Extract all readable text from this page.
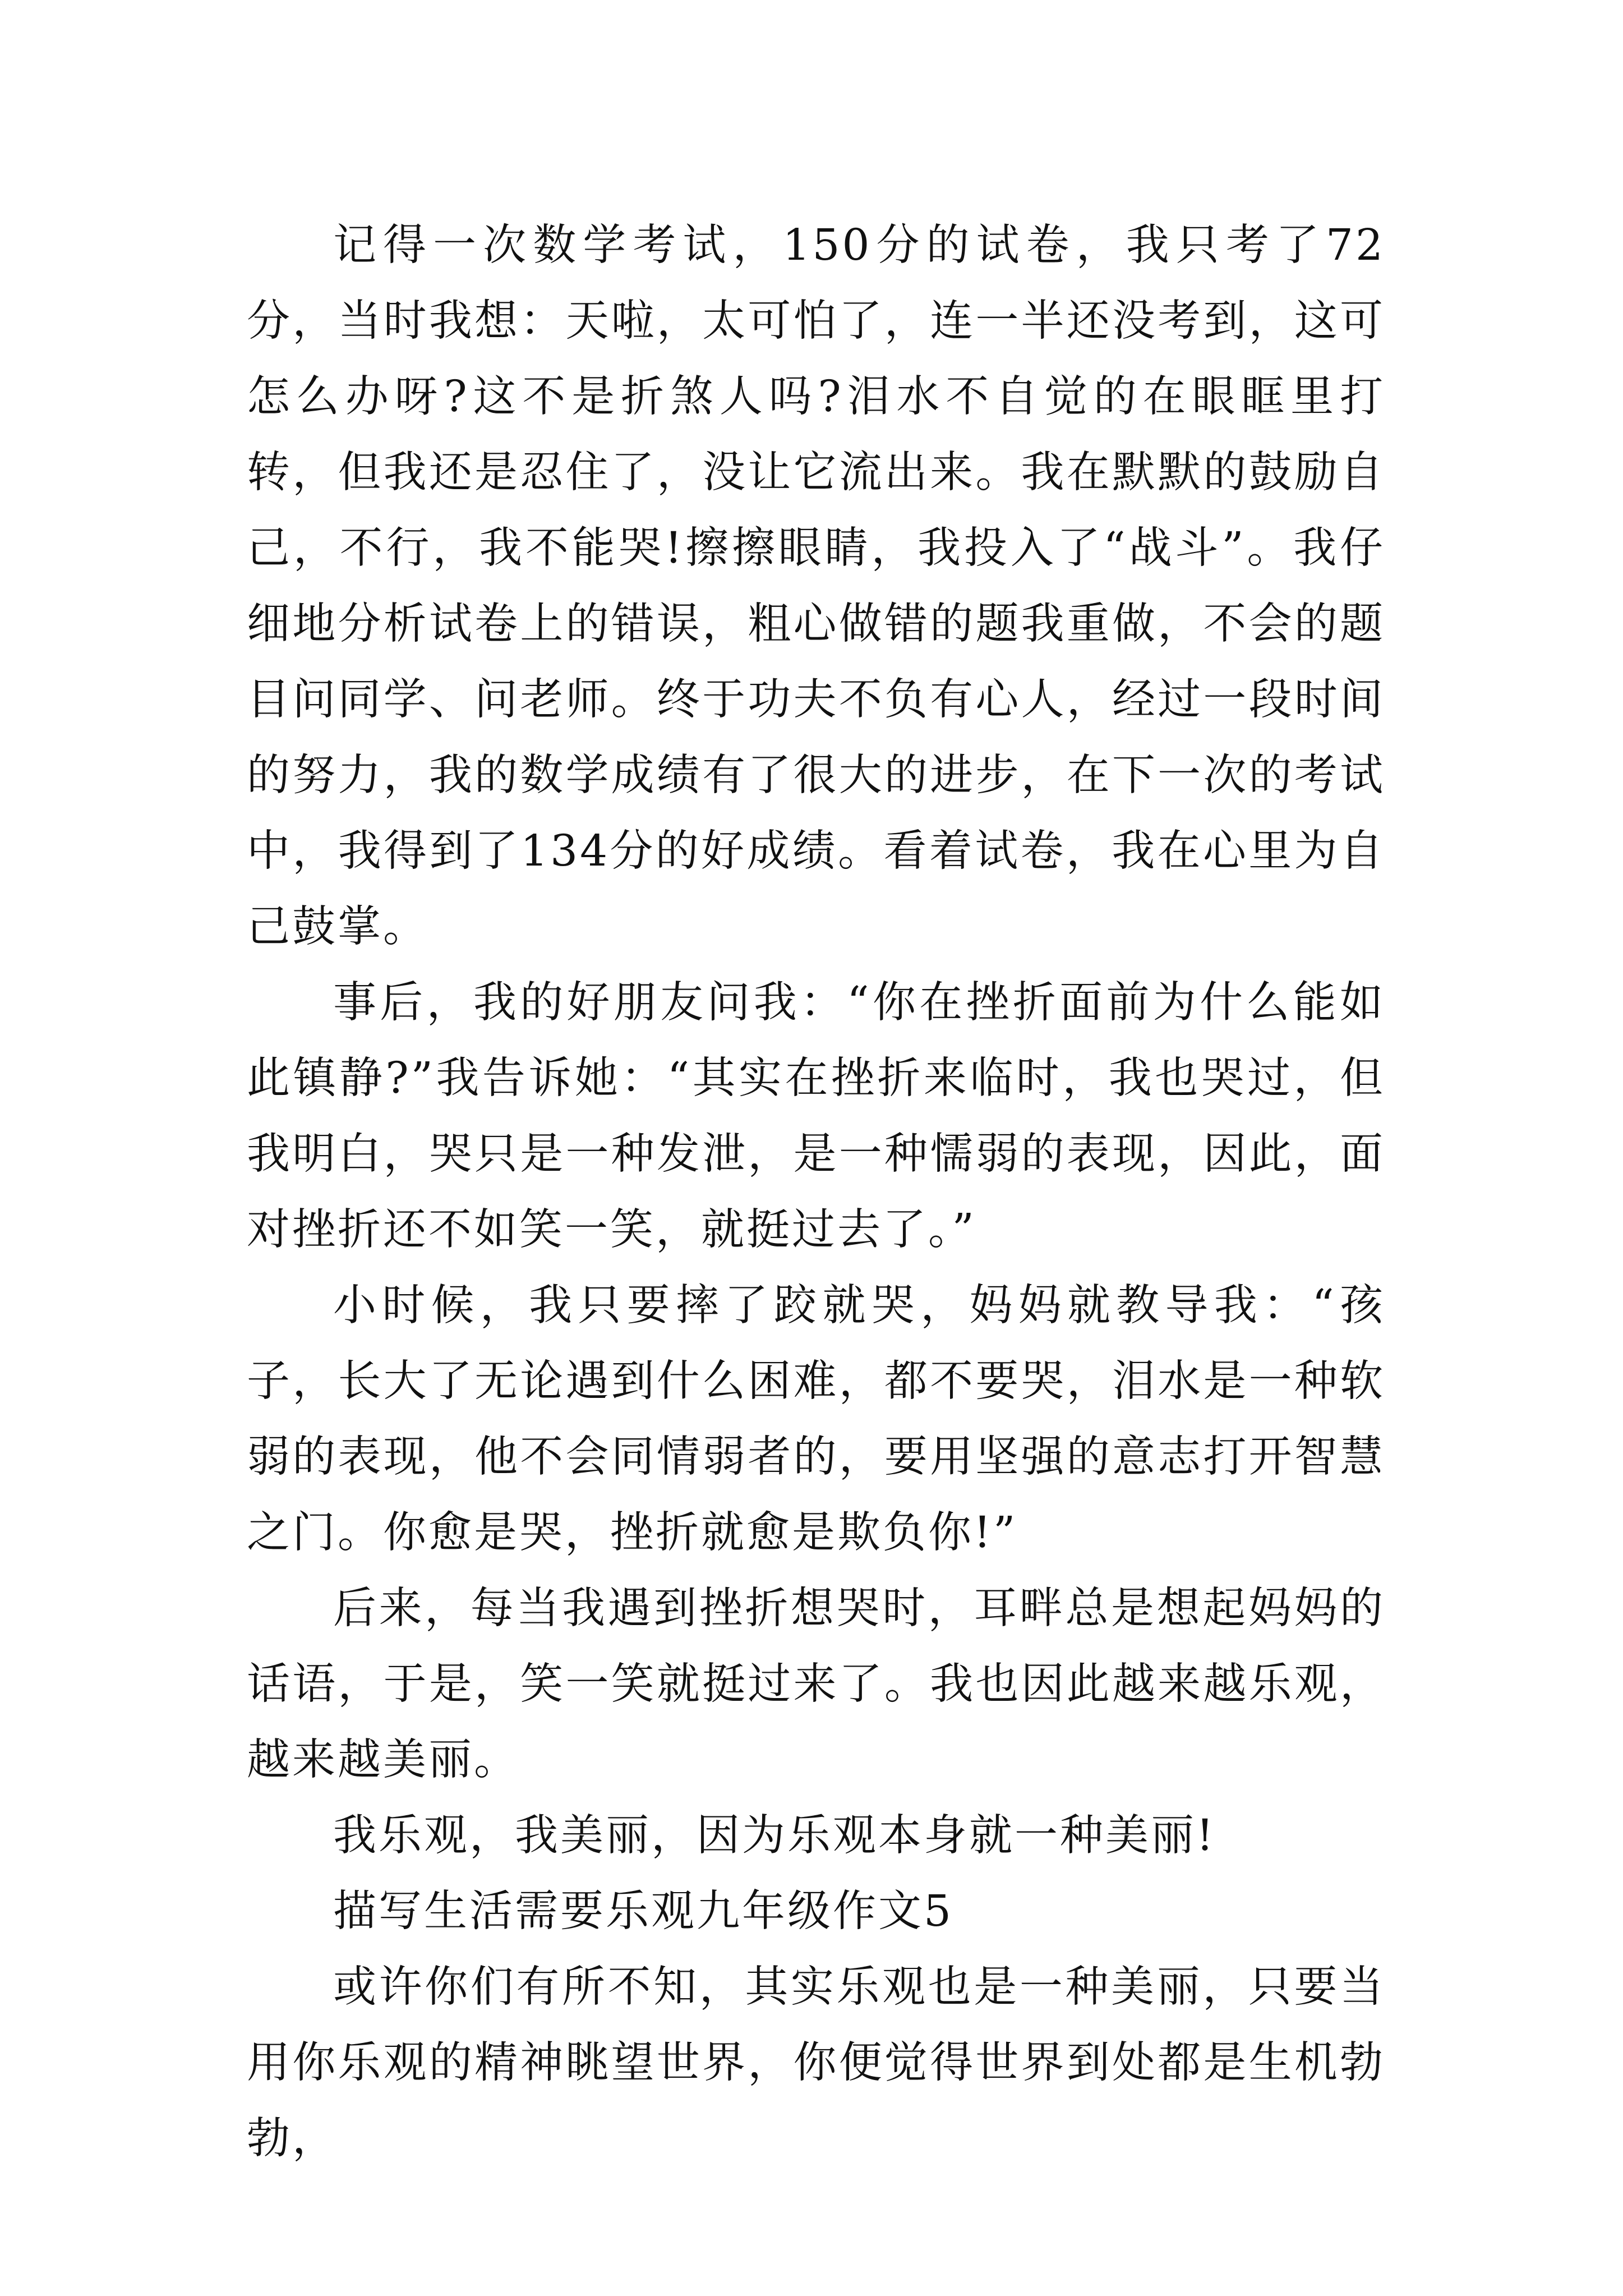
记得一次数学考试，150分的试卷，我只考了72分，当时我想：天啦，太可怕了，连一半还没考到，这可怎么办呀?这不是折煞人吗?泪水不自觉的在眼眶里打转，但我还是忍住了，没让它流出来。我在默默的鼓励自己，不行，我不能哭!擦擦眼睛，我投入了“战斗”。我仔细地分析试卷上的错误，粗心做错的题我重做，不会的题目问同学、问老师。终于功夫不负有心人，经过一段时间的努力，我的数学成绩有了很大的进步，在下一次的考试中，我得到了134分的好成绩。看着试卷，我在心里为自己鼓掌。

事后，我的好朋友问我：“你在挫折面前为什么能如此镇静?”我告诉她：“其实在挫折来临时，我也哭过，但我明白，哭只是一种发泄，是一种懦弱的表现，因此，面对挫折还不如笑一笑，就挺过去了。”

小时候，我只要摔了跤就哭，妈妈就教导我：“孩子，长大了无论遇到什么困难，都不要哭，泪水是一种软弱的表现，他不会同情弱者的，要用坚强的意志打开智慧之门。你愈是哭，挫折就愈是欺负你!”

后来，每当我遇到挫折想哭时，耳畔总是想起妈妈的话语，于是，笑一笑就挺过来了。我也因此越来越乐观，越来越美丽。

我乐观，我美丽，因为乐观本身就一种美丽!

描写生活需要乐观九年级作文5

或许你们有所不知，其实乐观也是一种美丽，只要当用你乐观的精神眺望世界，你便觉得世界到处都是生机勃勃，
